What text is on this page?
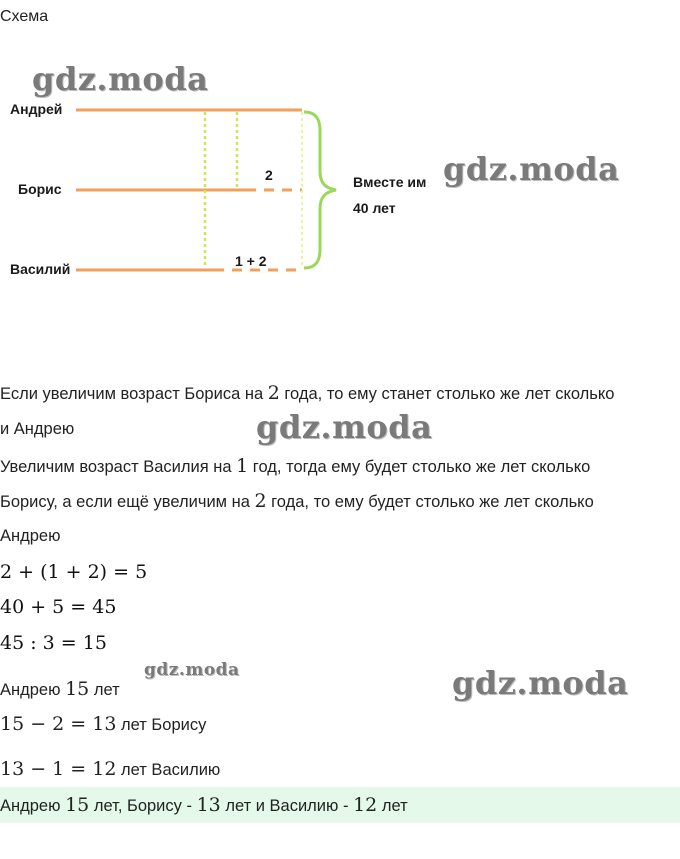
Схема
Андрей
Борис
Василий
2
1 + 2
Вместе им
40 лет
Если увеличим возраст Бориса на 2 года, то ему станет столько же лет сколько
и Андрею
Увеличим возраст Василия на 1 год, тогда ему будет столько же лет сколько
Борису, а если ещё увеличим на 2 года, то ему будет столько же лет сколько
Андрею
2 + (1 + 2) = 5
40 + 5 = 45
45 : 3 = 15
Андрею 15 лет
15 − 2 = 13 лет Борису
13 − 1 = 12 лет Василию
Андрею 15 лет, Борису - 13 лет и Василию - 12 лет
gdz.moda
gdz.moda
gdz.moda
gdz.moda	gdz.moda
